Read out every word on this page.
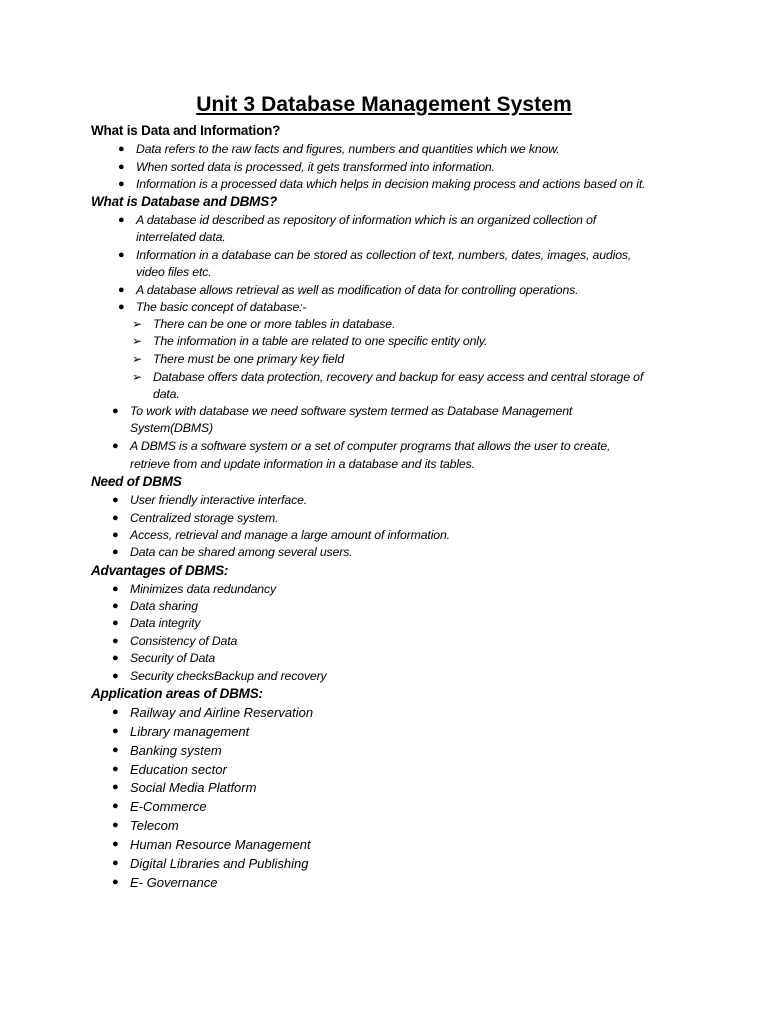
Unit 3 Database Management System
What is Data and Information?
● Data refers to the raw facts and figures, numbers and quantities which we know.
● When sorted data is processed, it gets transformed into information.
● Information is a processed data which helps in decision making process and actions based on it.
What is Database and DBMS?
● A database id described as repository of information which is an organized collection of
interrelated data.
● Information in a database can be stored as collection of text, numbers, dates, images, audios,
video files etc.
● A database allows retrieval as well as modification of data for controlling operations.
● The basic concept of database:-
➢ There can be one or more tables in database.
➢ The information in a table are related to one specific entity only.
➢ There must be one primary key field
➢ Database offers data protection, recovery and backup for easy access and central storage of
data.
● To work with database we need software system termed as Database Management
System(DBMS)
● A DBMS is a software system or a set of computer programs that allows the user to create,
retrieve from and update information in a database and its tables.
Need of DBMS
● User friendly interactive interface.
● Centralized storage system.
● Access, retrieval and manage a large amount of information.
● Data can be shared among several users.
Advantages of DBMS:
● Minimizes data redundancy
● Data sharing
● Data integrity
● Consistency of Data
● Security of Data
● Security checksBackup and recovery
Application areas of DBMS:
● Railway and Airline Reservation
● Library management
● Banking system
● Education sector
● Social Media Platform
● E-Commerce
● Telecom
● Human Resource Management
● Digital Libraries and Publishing
● E- Governance
